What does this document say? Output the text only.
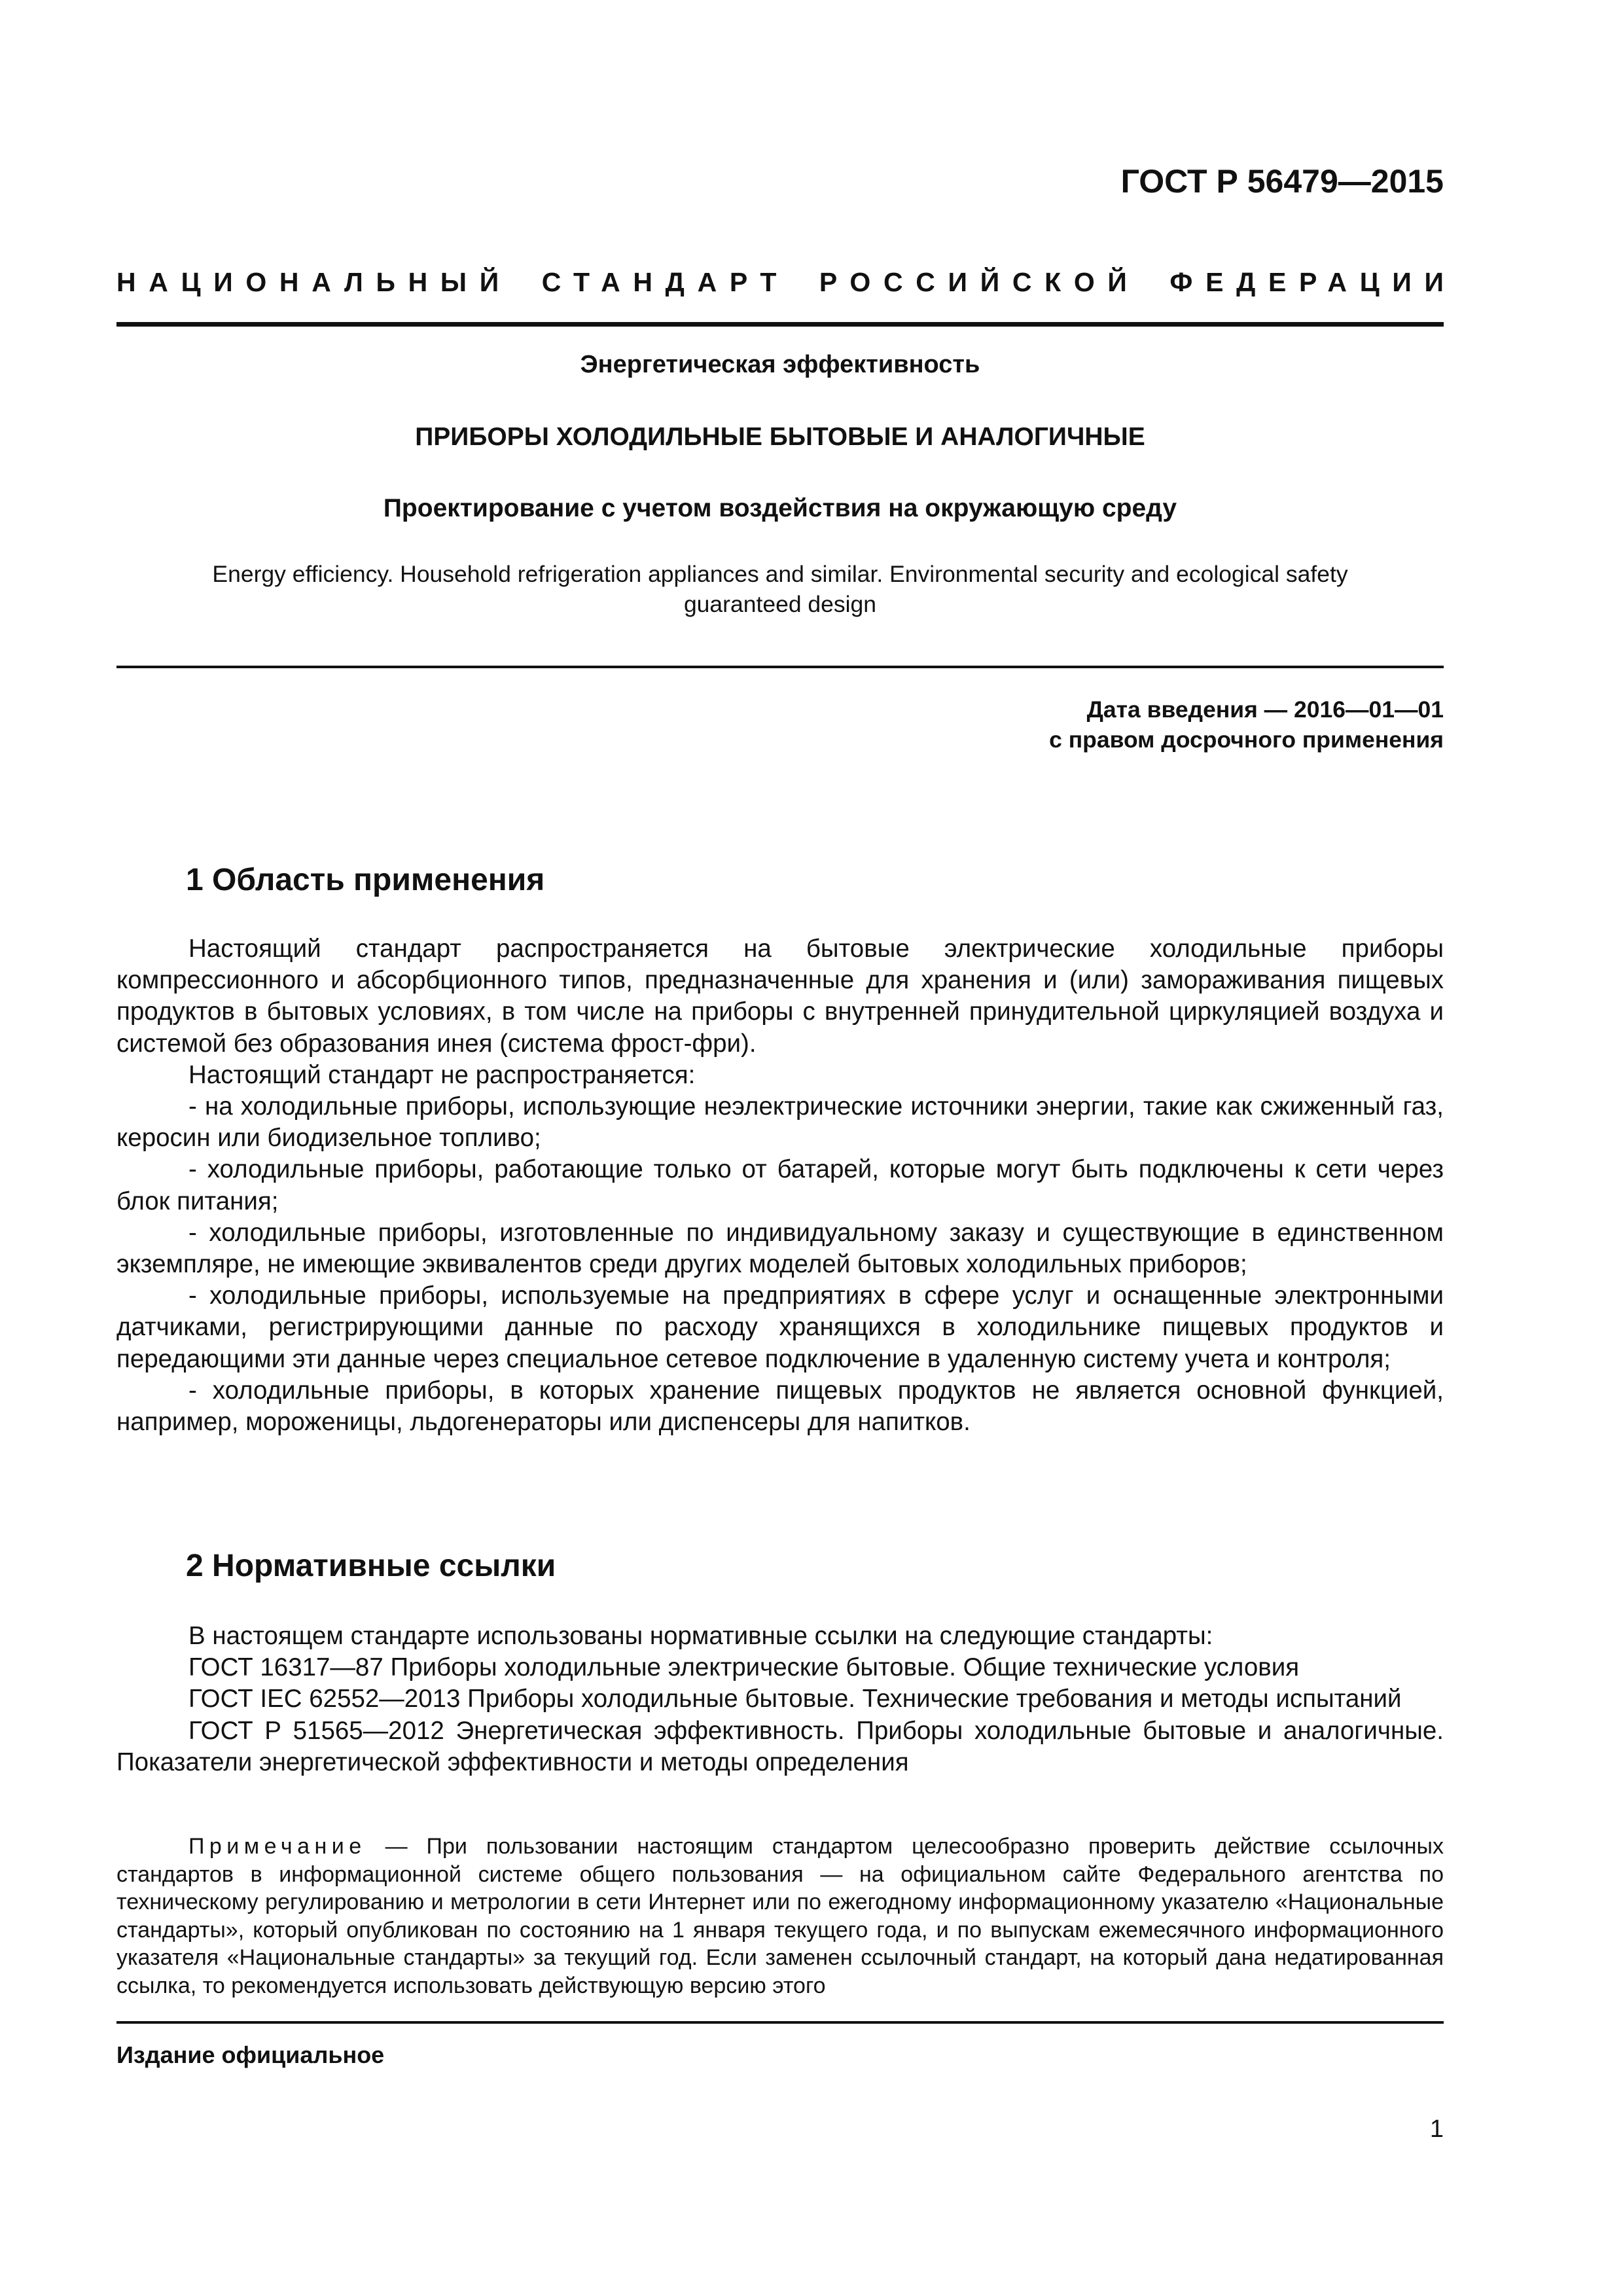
ГОСТ Р 56479—2015
НАЦИОНАЛЬНЫЙ СТАНДАРТ РОССИЙСКОЙ ФЕДЕРАЦИИ
Энергетическая эффективность
ПРИБОРЫ ХОЛОДИЛЬНЫЕ БЫТОВЫЕ И АНАЛОГИЧНЫЕ
Проектирование с учетом воздействия на окружающую среду
Energy efficiency. Household refrigeration appliances and similar. Environmental security and ecological safety
guaranteed design
Дата введения — 2016—01—01
с правом досрочного применения
1 Область применения

Настоящий стандарт распространяется на бытовые электрические холодильные приборы компрессионного и абсорбционного типов, предназначенные для хранения и (или) замораживания пищевых продуктов в бытовых условиях, в том числе на приборы с внутренней принудительной циркуляцией воздуха и системой без образования инея (система фрост-фри).

Настоящий стандарт не распространяется:

- на холодильные приборы, использующие неэлектрические источники энергии, такие как сжиженный газ, керосин или биодизельное топливо;

- холодильные приборы, работающие только от батарей, которые могут быть подключены к сети через блок питания;

- холодильные приборы, изготовленные по индивидуальному заказу и существующие в единственном экземпляре, не имеющие эквивалентов среди других моделей бытовых холодильных приборов;

- холодильные приборы, используемые на предприятиях в сфере услуг и оснащенные электронными датчиками, регистрирующими данные по расходу хранящихся в холодильнике пищевых продуктов и передающими эти данные через специальное сетевое подключение в удаленную систему учета и контроля;

- холодильные приборы, в которых хранение пищевых продуктов не является основной функцией, например, мороженицы, льдогенераторы или диспенсеры для напитков.

2 Нормативные ссылки

В настоящем стандарте использованы нормативные ссылки на следующие стандарты:

ГОСТ 16317—87 Приборы холодильные электрические бытовые. Общие технические условия

ГОСТ IEC 62552—2013 Приборы холодильные бытовые. Технические требования и методы испытаний

ГОСТ Р 51565—2012 Энергетическая эффективность. Приборы холодильные бытовые и аналогичные. Показатели энергетической эффективности и методы определения

Примечание — При пользовании настоящим стандартом целесообразно проверить действие ссылочных стандартов в информационной системе общего пользования — на официальном сайте Федерального агентства по техническому регулированию и метрологии в сети Интернет или по ежегодному информационному указателю «Национальные стандарты», который опубликован по состоянию на 1 января текущего года, и по выпускам ежемесячного информационного указателя «Национальные стандарты» за текущий год. Если заменен ссылочный стандарт, на который дана недатированная ссылка, то рекомендуется использовать действующую версию этого

Издание официальное
1
